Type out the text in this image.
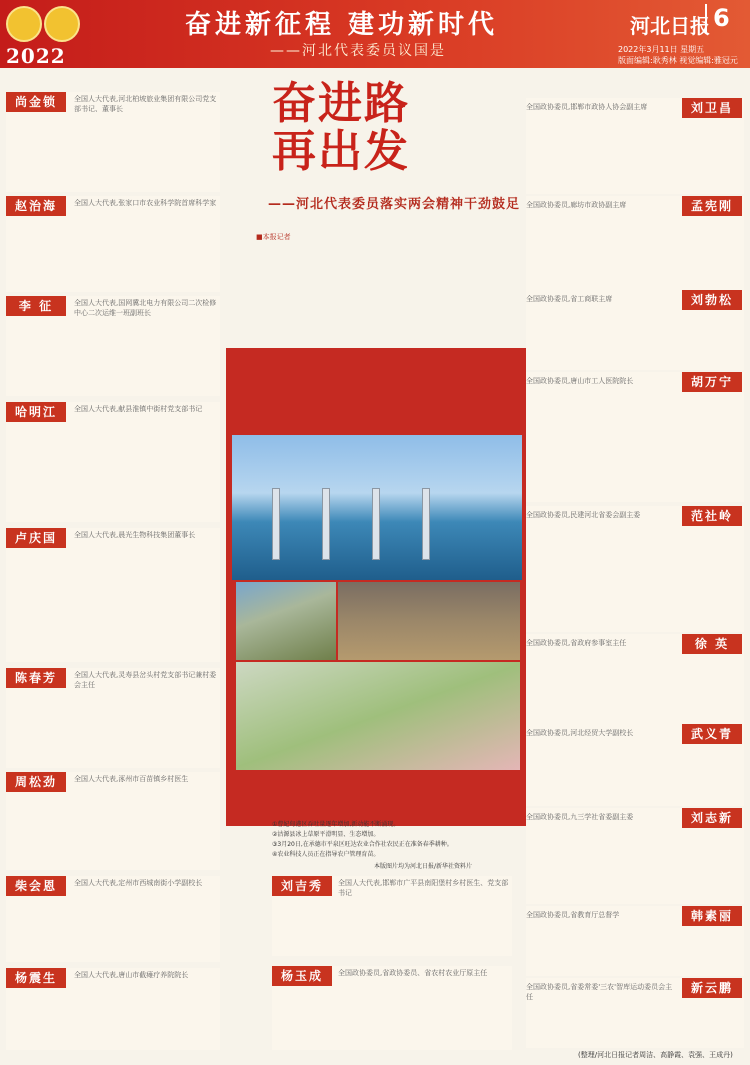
2022
奋进新征程 建功新时代
——河北代表委员议国是
河北日报 6
2022年3月11日 星期五
版面编辑:耿秀林 视觉编辑:雅冠元
尚金锁	全国人大代表,河北柏坡旅业集团有限公司党支部书记、董事长
赵治海	全国人大代表,张家口市农业科学院首席科学家
李 征	全国人大代表,国网冀北电力有限公司二次检修中心二次运维一班副班长
哈明江	全国人大代表,献县淮镇中街村党支部书记
卢庆国	全国人大代表,晨光生物科技集团董事长
陈春芳	全国人大代表,灵寿县岔头村党支部书记兼村委会主任
周松劲	全国人大代表,涿州市百苗镇乡村医生
柴会恩	全国人大代表,定州市西城南街小学副校长
杨震生	全国人大代表,唐山市截瘫疗养院院长
奋进路 再出发
——河北代表委员落实两会精神干劲鼓足
■本报记者
①曹妃甸港区吞吐量逐年增加,新动能不断涌现。
②沽源县冰上草原平滑明显、生态增加。
③3月20日,在承德市平泉区旺达农业合作社农民正在准备春季耕种。
④农业科技人员正在指导农户管理育苗。
本版图片均为河北日报/新华社资料片
刘吉秀	全国人大代表,邯郸市广平县南阳堡村乡村医生、党支部书记
杨玉成	全国政协委员,省政协委员、省农村农业厅原主任
刘卫昌
全国政协委员,邯郸市政协人协会副主席
孟宪刚
全国政协委员,廊坊市政协副主席
刘勃松
全国政协委员,省工商联主席
胡万宁
全国政协委员,唐山市工人医院院长
范社岭
全国政协委员,民建河北省委会副主委
徐 英
全国政协委员,省政府参事室主任
武义青
全国政协委员,河北经贸大学副校长
刘志新
全国政协委员,九三学社省委副主委
韩素丽
全国政协委员,省教育厅总督学
新云鹏
全国政协委员,省委常委'三农'智库运动委员会主任
(整理/河北日报记者周洁、高静霞、袁强、王成丹)
